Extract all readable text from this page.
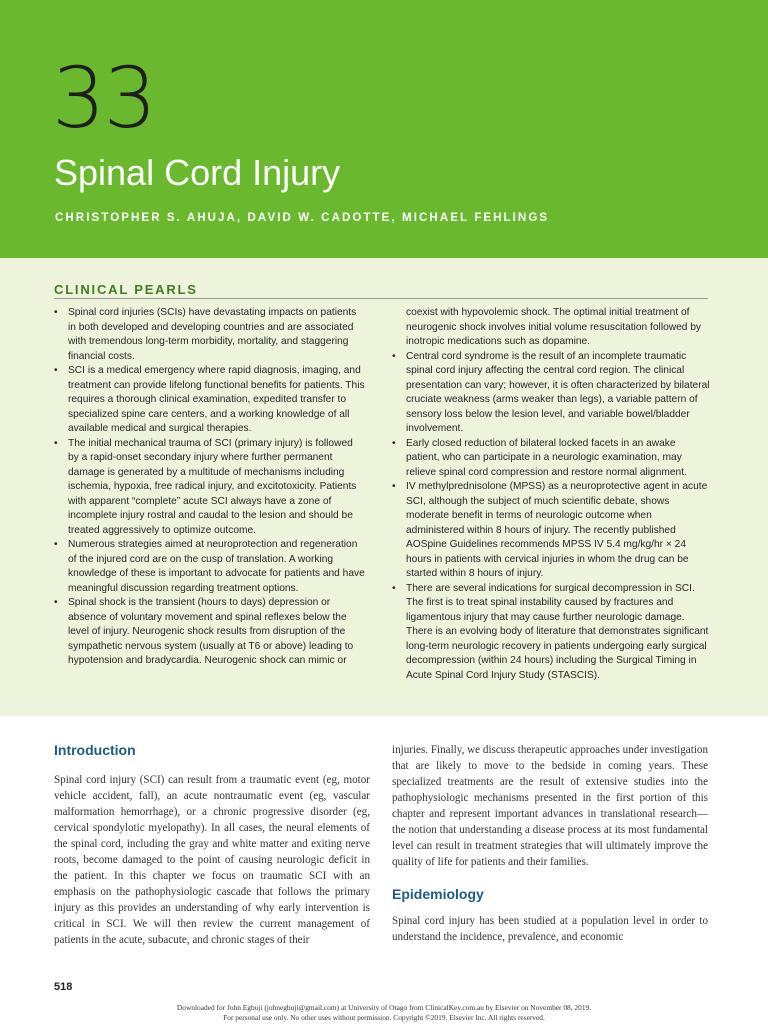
33
Spinal Cord Injury

CHRISTOPHER S. AHUJA, DAVID W. CADOTTE, MICHAEL FEHLINGS

CLINICAL PEARLS
• Spinal cord injuries (SCIs) have devastating impacts on patients in both developed and developing countries and are associated with tremendous long-term morbidity, mortality, and staggering financial costs.
• SCI is a medical emergency where rapid diagnosis, imaging, and treatment can provide lifelong functional benefits for patients. This requires a thorough clinical examination, expedited transfer to specialized spine care centers, and a working knowledge of all available medical and surgical therapies.
• The initial mechanical trauma of SCI (primary injury) is followed by a rapid-onset secondary injury where further permanent damage is generated by a multitude of mechanisms including ischemia, hypoxia, free radical injury, and excitotoxicity. Patients with apparent “complete” acute SCI always have a zone of incomplete injury rostral and caudal to the lesion and should be treated aggressively to optimize outcome.
• Numerous strategies aimed at neuroprotection and regeneration of the injured cord are on the cusp of translation. A working knowledge of these is important to advocate for patients and have meaningful discussion regarding treatment options.
• Spinal shock is the transient (hours to days) depression or absence of voluntary movement and spinal reflexes below the level of injury. Neurogenic shock results from disruption of the sympathetic nervous system (usually at T6 or above) leading to hypotension and bradycardia. Neurogenic shock can mimic or
coexist with hypovolemic shock. The optimal initial treatment of neurogenic shock involves initial volume resuscitation followed by inotropic medications such as dopamine.
• Central cord syndrome is the result of an incomplete traumatic spinal cord injury affecting the central cord region. The clinical presentation can vary; however, it is often characterized by bilateral cruciate weakness (arms weaker than legs), a variable pattern of sensory loss below the lesion level, and variable bowel/bladder involvement.
• Early closed reduction of bilateral locked facets in an awake patient, who can participate in a neurologic examination, may relieve spinal cord compression and restore normal alignment.
• IV methylprednisolone (MPSS) as a neuroprotective agent in acute SCI, although the subject of much scientific debate, shows moderate benefit in terms of neurologic outcome when administered within 8 hours of injury. The recently published AOSpine Guidelines recommends MPSS IV 5.4 mg/kg/hr × 24 hours in patients with cervical injuries in whom the drug can be started within 8 hours of injury.
• There are several indications for surgical decompression in SCI. The first is to treat spinal instability caused by fractures and ligamentous injury that may cause further neurologic damage. There is an evolving body of literature that demonstrates significant long-term neurologic recovery in patients undergoing early surgical decompression (within 24 hours) including the Surgical Timing in Acute Spinal Cord Injury Study (STASCIS).
Introduction

Spinal cord injury (SCI) can result from a traumatic event (eg, motor vehicle accident, fall), an acute nontraumatic event (eg, vascular malformation hemorrhage), or a chronic progressive disorder (eg, cervical spondylotic myelopathy). In all cases, the neural elements of the spinal cord, including the gray and white matter and exiting nerve roots, become damaged to the point of causing neurologic deficit in the patient. In this chapter we focus on traumatic SCI with an emphasis on the pathophysiologic cascade that follows the primary injury as this provides an understanding of why early intervention is critical in SCI. We will then review the current management of patients in the acute, subacute, and chronic stages of their

injuries. Finally, we discuss therapeutic approaches under investigation that are likely to move to the bedside in coming years. These specialized treatments are the result of extensive studies into the pathophysiologic mechanisms presented in the first portion of this chapter and represent important advances in translational research—the notion that understanding a disease process at its most fundamental level can result in treatment strategies that will ultimately improve the quality of life for patients and their families.

Epidemiology

Spinal cord injury has been studied at a population level in order to understand the incidence, prevalence, and economic

518

Downloaded for John Egbuji (johnegbuji@gmail.com) at University of Otago from ClinicalKey.com.au by Elsevier on November 08, 2019.

For personal use only. No other uses without permission. Copyright ©2019. Elsevier Inc. All rights reserved.
